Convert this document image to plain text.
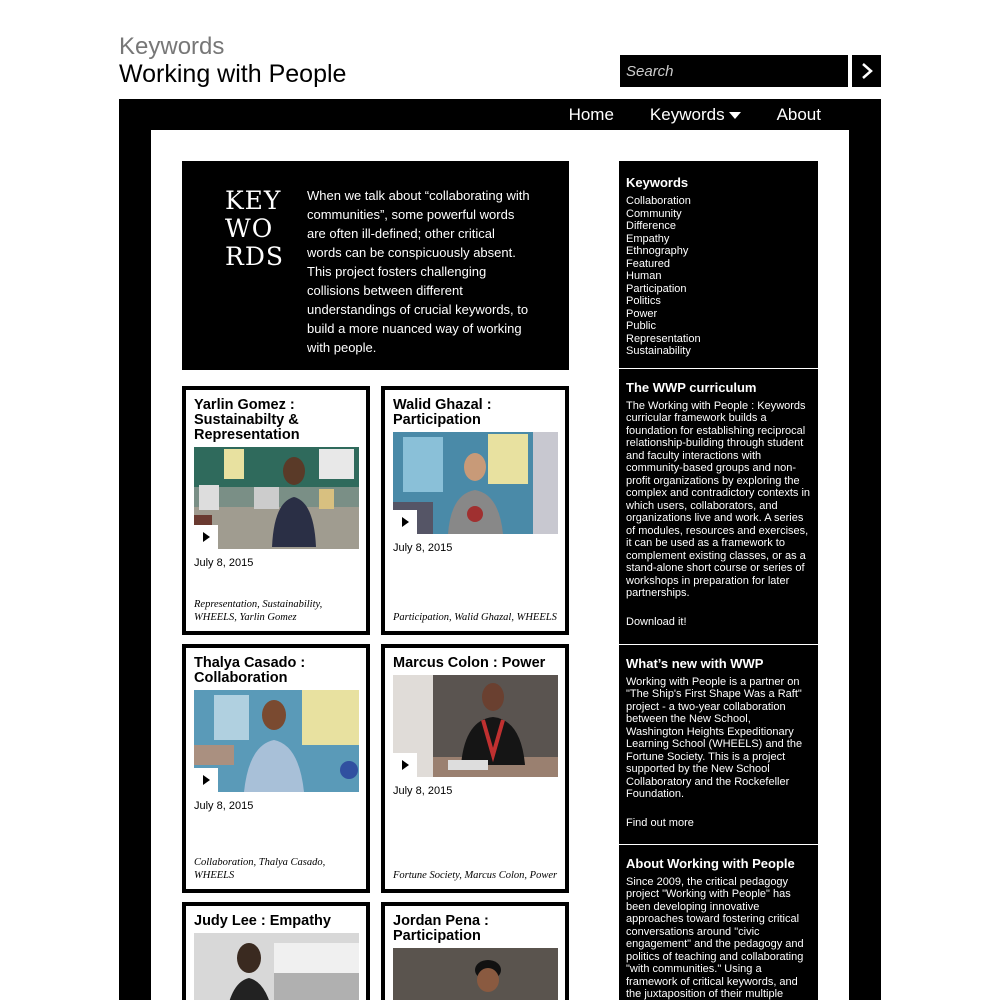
Keywords
Working with People
Search
Home Keywords	About
KEY
WO
RDS
When we talk about “collaborating with communities”, some powerful words are often ill-defined; other critical words can be conspicuously absent. This project fosters challenging collisions between different understandings of crucial keywords, to build a more nuanced way of working with people.
Yarlin Gomez : Sustainabilty & Representation
July 8, 2015
Representation, Sustainability, WHEELS, Yarlin Gomez
Walid Ghazal : Participation
July 8, 2015
Participation, Walid Ghazal, WHEELS
Thalya Casado : Collaboration
July 8, 2015
Collaboration, Thalya Casado, WHEELS
Marcus Colon : Power
July 8, 2015
Fortune Society, Marcus Colon, Power
Judy Lee : Empathy	Jordan Pena : Participation
Keywords
Collaboration
Community
Difference
Empathy
Ethnography
Featured
Human
Participation
Politics
Power
Public
Representation
Sustainability
The WWP curriculum
The Working with People : Keywords curricular framework builds a foundation for establishing reciprocal relationship-building through student and faculty interactions with community-based groups and non-profit organizations by exploring the complex and contradictory contexts in which users, collaborators, and organizations live and work. A series of modules, resources and exercises, it can be used as a framework to complement existing classes, or as a stand-alone short course or series of workshops in preparation for later partnerships.
Download it!
What’s new with WWP
Working with People is a partner on "The Ship's First Shape Was a Raft" project - a two-year collaboration between the New School, Washington Heights Expeditionary Learning School (WHEELS) and the Fortune Society. This is a project supported by the New School Collaboratory and the Rockefeller Foundation.
Find out more
About Working with People
Since 2009, the critical pedagogy project "Working with People" has been developing innovative approaches toward fostering critical conversations around "civic engagement" and the pedagogy and politics of teaching and collaborating "with communities." Using a framework of critical keywords, and the juxtaposition of their multiple
